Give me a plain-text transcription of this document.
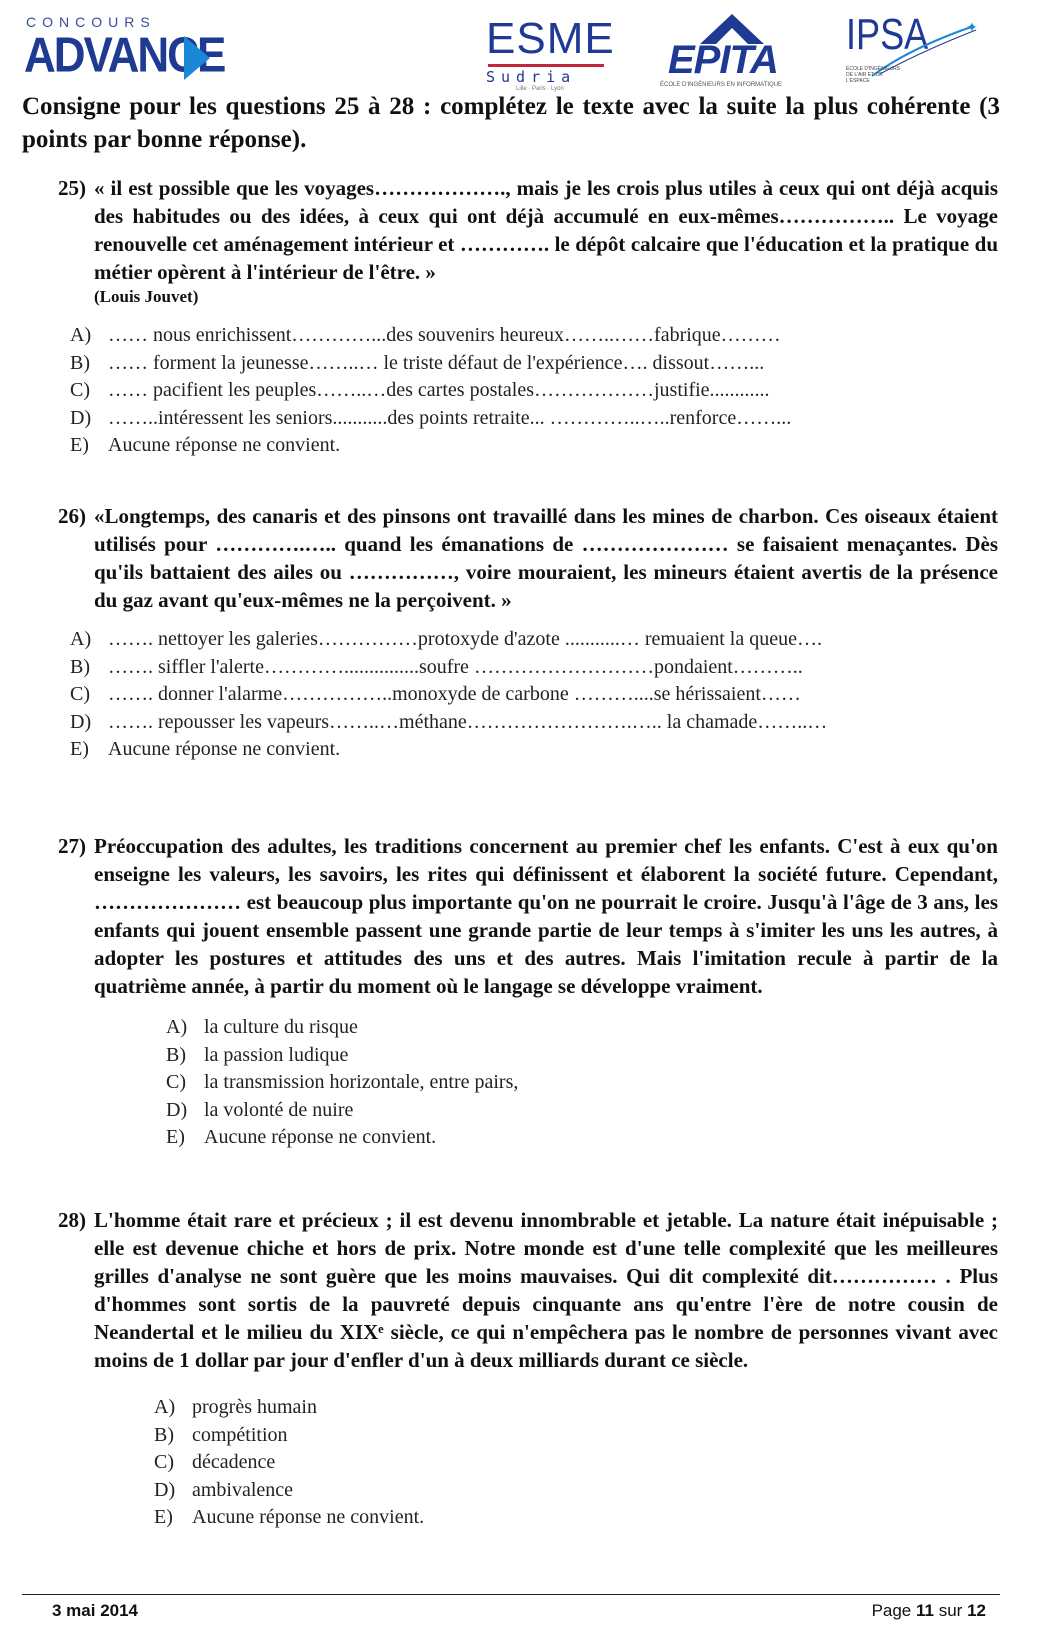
CONCOURS
ADVANCE	ESME
Sudria
Lille · Paris · Lyon
EPITA
ÉCOLE D'INGÉNIEURS EN INFORMATIQUE
IPSA	✦
ÉCOLE D'INGÉNIEURS DE L'AIR ET DE L'ESPACE

Consigne pour les questions 25 à 28 : complétez le texte avec la suite la plus cohérente (3 points par bonne réponse).

25) « il est possible que les voyages………………., mais je les crois plus utiles à ceux qui ont déjà acquis des habitudes ou des idées, à ceux qui ont déjà accumulé en eux-mêmes…………….. Le voyage renouvelle cet aménagement intérieur et …………. le dépôt calcaire que l'éducation et la pratique du métier opèrent à l'intérieur de l'être. »
(Louis Jouvet)
A) …… nous enrichissent…………...des souvenirs heureux……..……fabrique………
B) …… forment la jeunesse……..… le triste défaut de l'expérience…. dissout……...
C) …… pacifient les peuples……..…des cartes postales………………justifie............
D) ……..intéressent les seniors...........des points retraite... …………..…..renforce……...
E) Aucune réponse ne convient.
26) «Longtemps, des canaris et des pinsons ont travaillé dans les mines de charbon. Ces oiseaux étaient utilisés pour ………….….. quand les émanations de ………………… se faisaient menaçantes. Dès qu'ils battaient des ailes ou ……………, voire mouraient, les mineurs étaient avertis de la présence du gaz avant qu'eux-mêmes ne la perçoivent. »
A) ……. nettoyer les galeries……………protoxyde d'azote ...........… remuaient la queue….
B) ……. siffler l'alerte…………...............soufre ………………………pondaient………..
C) ……. donner l'alarme……………..monoxyde de carbone ………....se hérissaient……
D) ……. repousser les vapeurs……..…méthane…………………….….. la chamade……..…
E) Aucune réponse ne convient.
27) Préoccupation des adultes, les traditions concernent au premier chef les enfants. C'est à eux qu'on enseigne les valeurs, les savoirs, les rites qui définissent et élaborent la société future. Cependant, ………………… est beaucoup plus importante qu'on ne pourrait le croire. Jusqu'à l'âge de 3 ans, les enfants qui jouent ensemble passent une grande partie de leur temps à s'imiter les uns les autres, à adopter les postures et attitudes des uns et des autres. Mais l'imitation recule à partir de la quatrième année, à partir du moment où le langage se développe vraiment.
A) la culture du risque
B) la passion ludique
C) la transmission horizontale, entre pairs,
D) la volonté de nuire
E) Aucune réponse ne convient.
28) L'homme était rare et précieux ; il est devenu innombrable et jetable. La nature était inépuisable ; elle est devenue chiche et hors de prix. Notre monde est d'une telle complexité que les meilleures grilles d'analyse ne sont guère que les moins mauvaises. Qui dit complexité dit…………… . Plus d'hommes sont sortis de la pauvreté depuis cinquante ans qu'entre l'ère de notre cousin de Neandertal et le milieu du XIXᵉ siècle, ce qui n'empêchera pas le nombre de personnes vivant avec moins de 1 dollar par jour d'enfler d'un à deux milliards durant ce siècle.
A) progrès humain
B) compétition
C) décadence
D) ambivalence
E) Aucune réponse ne convient.
3 mai 2014	Page 11 sur 12
